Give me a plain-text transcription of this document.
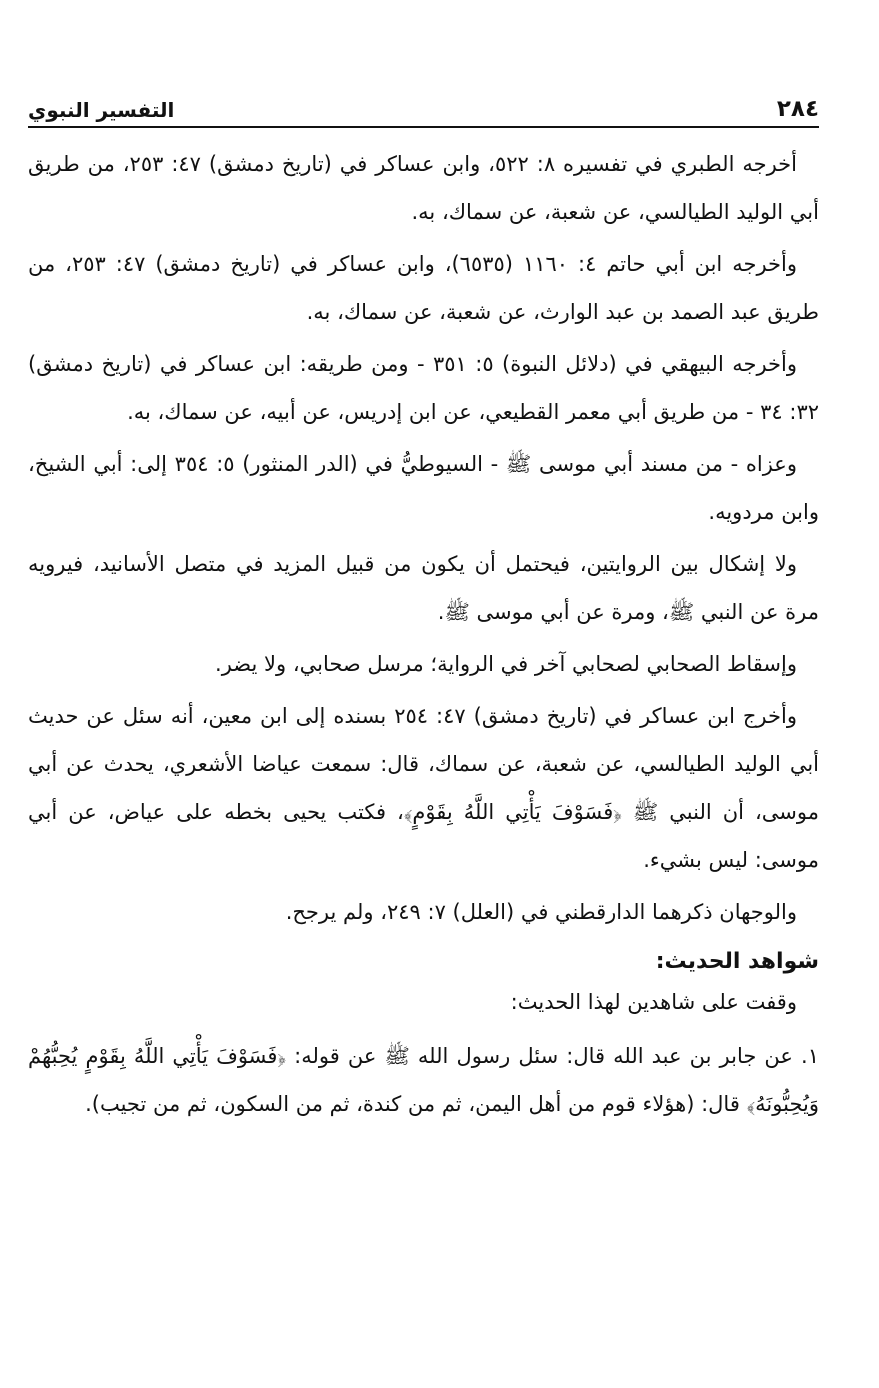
٢٨٤
التفسير النبوي

أخرجه الطبري في تفسيره ٨: ٥٢٢، وابن عساكر في (تاريخ دمشق) ٤٧: ٢٥٣، من طريق أبي الوليد الطيالسي، عن شعبة، عن سماك، به.

وأخرجه ابن أبي حاتم ٤: ١١٦٠ (٦٥٣٥)، وابن عساكر في (تاريخ دمشق) ٤٧: ٢٥٣، من طريق عبد الصمد بن عبد الوارث، عن شعبة، عن سماك، به.

وأخرجه البيهقي في (دلائل النبوة) ٥: ٣٥١ - ومن طريقه: ابن عساكر في (تاريخ دمشق) ٣٢: ٣٤ - من طريق أبي معمر القطيعي، عن ابن إدريس، عن أبيه، عن سماك، به.

وعزاه - من مسند أبي موسى ﷺ - السيوطيُّ في (الدر المنثور) ٥: ٣٥٤ إلى: أبي الشيخ، وابن مردويه.

ولا إشكال بين الروايتين، فيحتمل أن يكون من قبيل المزيد في متصل الأسانيد، فيرويه مرة عن النبي ﷺ، ومرة عن أبي موسى ﷺ.

وإسقاط الصحابي لصحابي آخر في الرواية؛ مرسل صحابي، ولا يضر.

وأخرج ابن عساكر في (تاريخ دمشق) ٤٧: ٢٥٤ بسنده إلى ابن معين، أنه سئل عن حديث أبي الوليد الطيالسي، عن شعبة، عن سماك، قال: سمعت عياضا الأشعري، يحدث عن أبي موسى، أن النبي ﷺ ﴿فَسَوْفَ يَأْتِي اللَّهُ بِقَوْمٍ﴾، فكتب يحيى بخطه على عياض، عن أبي موسى: ليس بشيء.

والوجهان ذكرهما الدارقطني في (العلل) ٧: ٢٤٩، ولم يرجح.

شواهد الحديث:

وقفت على شاهدين لهذا الحديث:

١. عن جابر بن عبد الله قال: سئل رسول الله ﷺ عن قوله: ﴿فَسَوْفَ يَأْتِي اللَّهُ بِقَوْمٍ يُحِبُّهُمْ وَيُحِبُّونَهُ﴾ قال: (هؤلاء قوم من أهل اليمن، ثم من كندة، ثم من السكون، ثم من تجيب).
